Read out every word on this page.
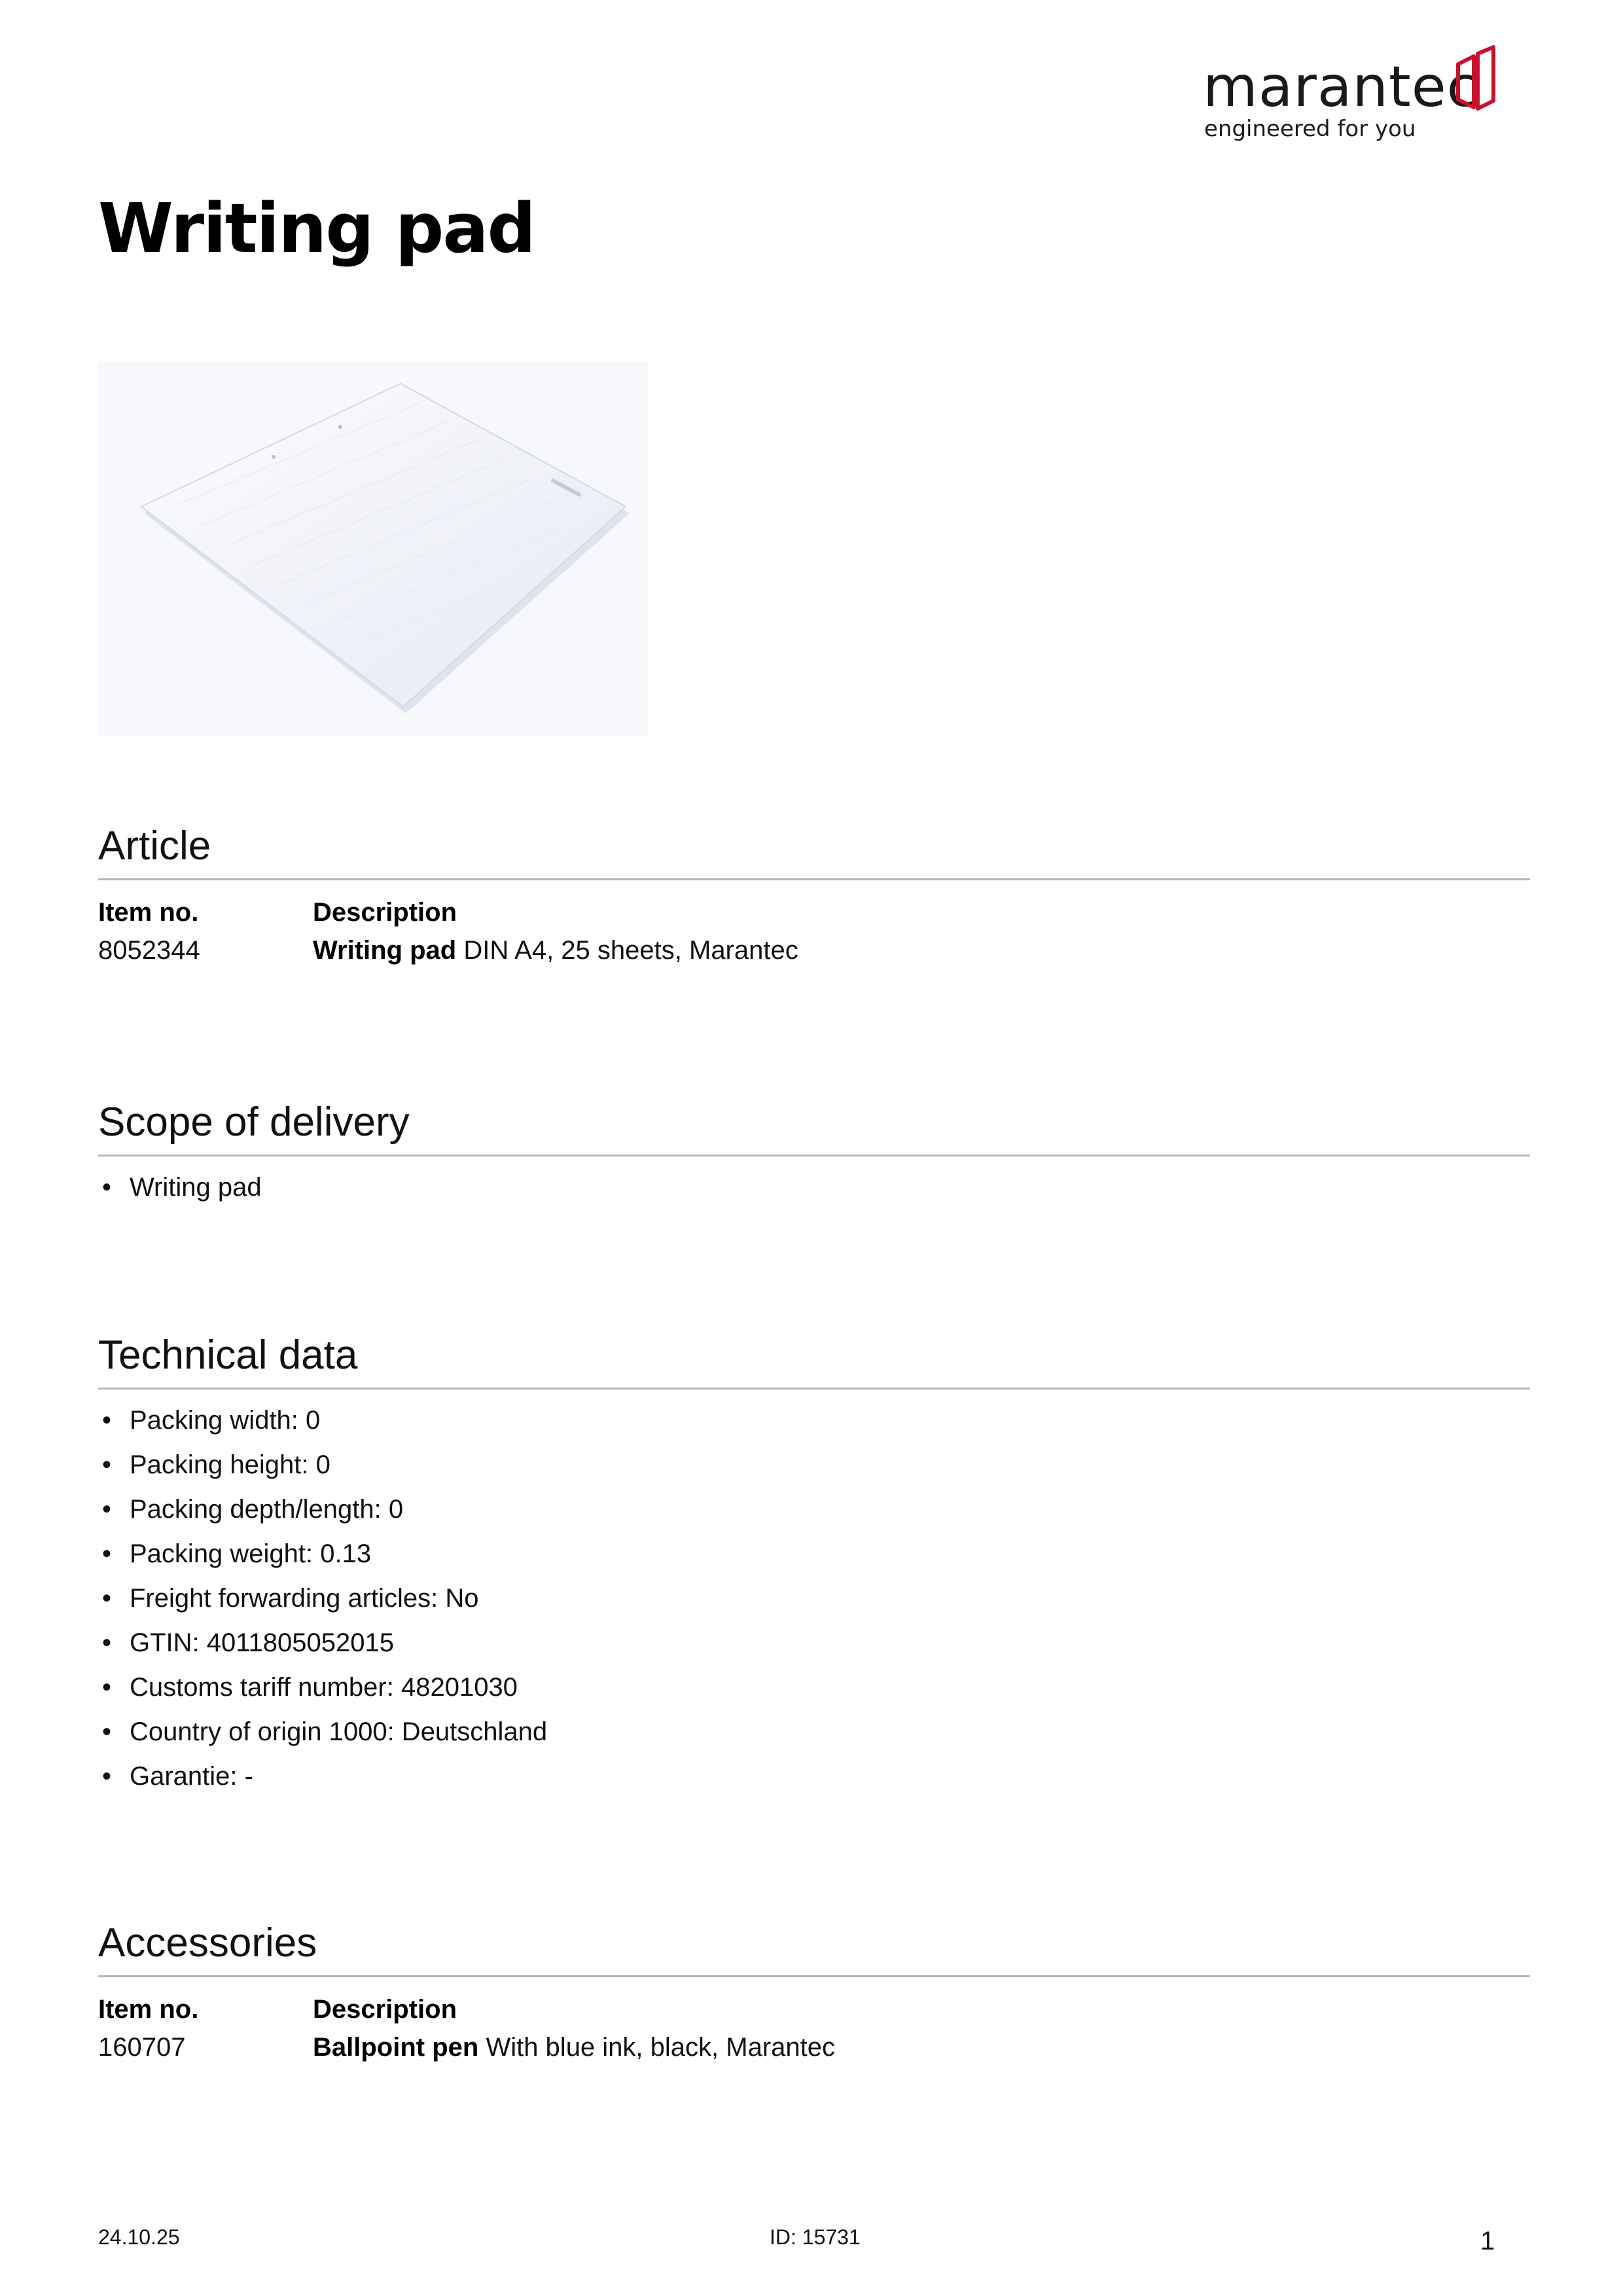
marantec
engineered for you
Writing pad
Article
Item no.	Description
8052344	Writing pad DIN A4, 25 sheets, Marantec
Scope of delivery
• Writing pad
Technical data
• Packing width: 0
• Packing height: 0
• Packing depth/length: 0
• Packing weight: 0.13
• Freight forwarding articles: No
• GTIN: 4011805052015
• Customs tariff number: 48201030
• Country of origin 1000: Deutschland
• Garantie: -
Accessories
Item no.	Description
160707	Ballpoint pen With blue ink, black, Marantec
24.10.25	ID: 15731	1
